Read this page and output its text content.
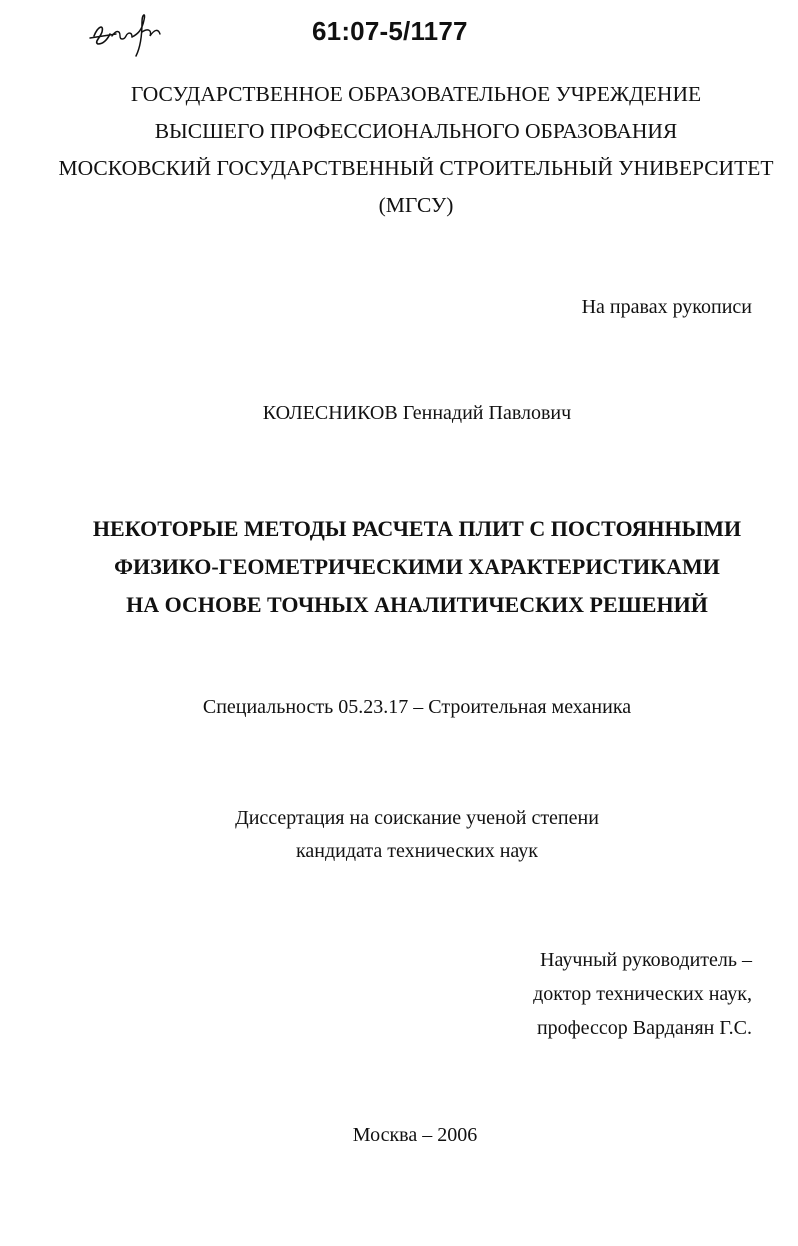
61:07-5/1177
ГОСУДАРСТВЕННОЕ ОБРАЗОВАТЕЛЬНОЕ УЧРЕЖДЕНИЕ
ВЫСШЕГО ПРОФЕССИОНАЛЬНОГО ОБРАЗОВАНИЯ
МОСКОВСКИЙ ГОСУДАРСТВЕННЫЙ СТРОИТЕЛЬНЫЙ УНИВЕРСИТЕТ
(МГСУ)
На правах рукописи
КОЛЕСНИКОВ Геннадий Павлович
НЕКОТОРЫЕ МЕТОДЫ РАСЧЕТА ПЛИТ С ПОСТОЯННЫМИ
ФИЗИКО-ГЕОМЕТРИЧЕСКИМИ ХАРАКТЕРИСТИКАМИ
НА ОСНОВЕ ТОЧНЫХ АНАЛИТИЧЕСКИХ РЕШЕНИЙ
Специальность 05.23.17 – Строительная механика
Диссертация на соискание ученой степени
кандидата технических наук
Научный руководитель –
доктор технических наук,
профессор Варданян Г.С.
Москва – 2006
